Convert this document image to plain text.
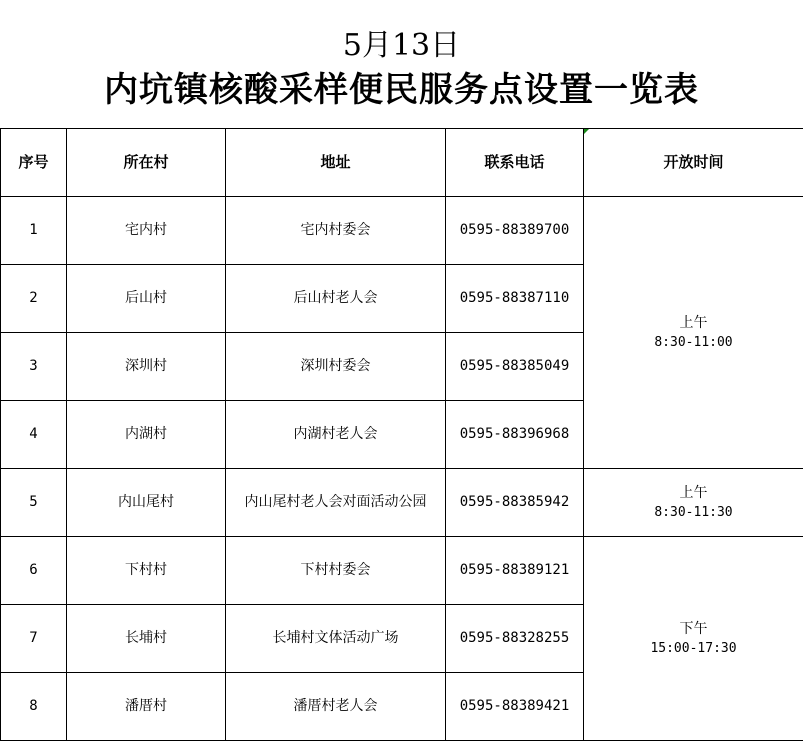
5月13日
内坑镇核酸采样便民服务点设置一览表
序号	所在村	地址	联系电话	开放时间
1	宅内村	宅内村委会	0595-88389700	上午
8:30-11:00

2	后山村	后山村老人会	0595-88387110	
3	深圳村	深圳村委会	0595-88385049	
4	内湖村	内湖村老人会	0595-88396968	
5	内山尾村	内山尾村老人会对面活动公园	0595-88385942	上午
8:30-11:30

6	下村村	下村村委会	0595-88389121	下午
15:00-17:30

7	长埔村	长埔村文体活动广场	0595-88328255	
8	潘厝村	潘厝村老人会	0595-88389421	
